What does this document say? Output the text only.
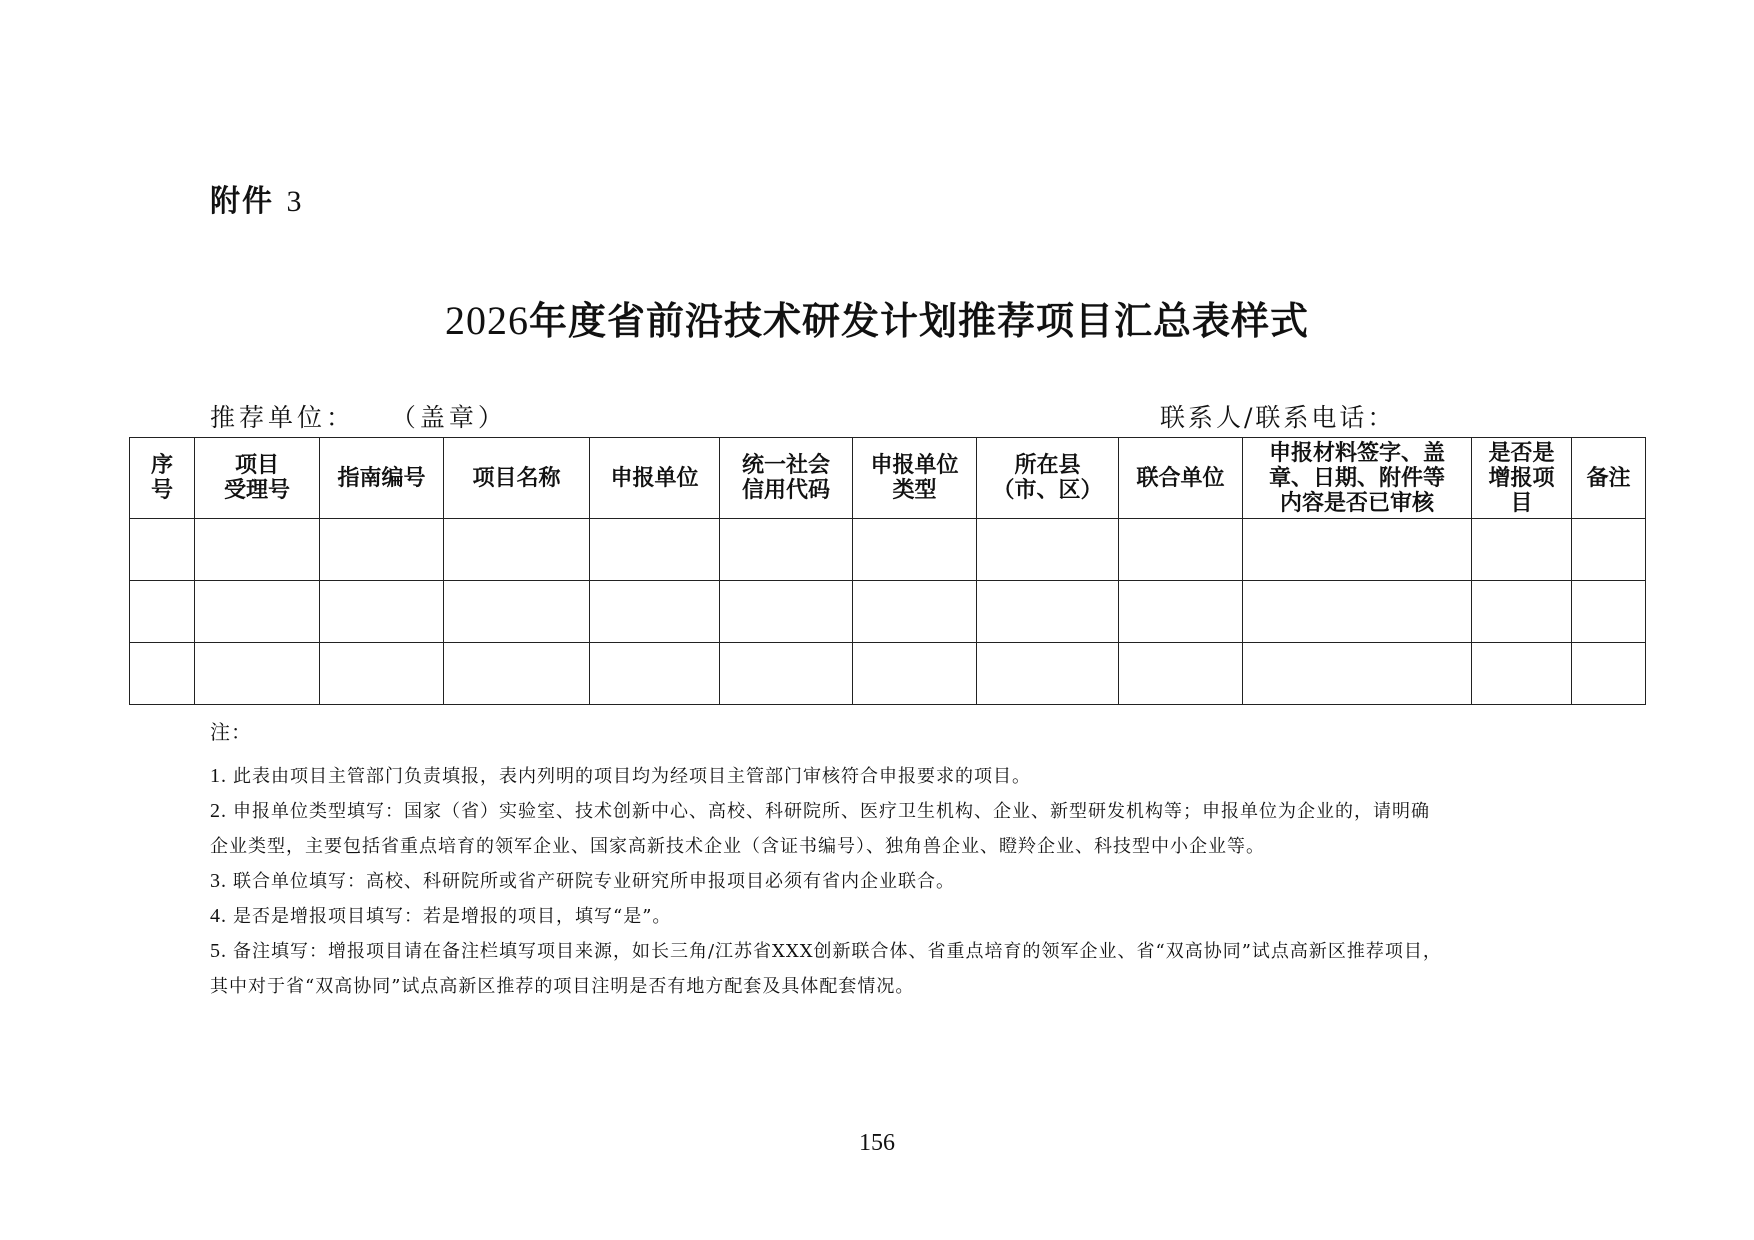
附件 3
2026年度省前沿技术研发计划推荐项目汇总表样式
推荐单位： （盖章）	联系人/联系电话：
序
号	项目
受理号	指南编号	项目名称	申报单位	统一社会
信用代码	申报单位
类型	所在县
（市、区）	联合单位	申报材料签字、盖
章、日期、附件等
内容是否已审核	是否是
增报项
目	备注

注：
1. 此表由项目主管部门负责填报，表内列明的项目均为经项目主管部门审核符合申报要求的项目。
2. 申报单位类型填写：国家（省）实验室、技术创新中心、高校、科研院所、医疗卫生机构、企业、新型研发机构等；申报单位为企业的，请明确
企业类型，主要包括省重点培育的领军企业、国家高新技术企业（含证书编号）、独角兽企业、瞪羚企业、科技型中小企业等。
3. 联合单位填写：高校、科研院所或省产研院专业研究所申报项目必须有省内企业联合。
4. 是否是增报项目填写：若是增报的项目，填写“是”。
5. 备注填写：增报项目请在备注栏填写项目来源，如长三角/江苏省XXX创新联合体、省重点培育的领军企业、省“双高协同”试点高新区推荐项目，
其中对于省“双高协同”试点高新区推荐的项目注明是否有地方配套及具体配套情况。
156
